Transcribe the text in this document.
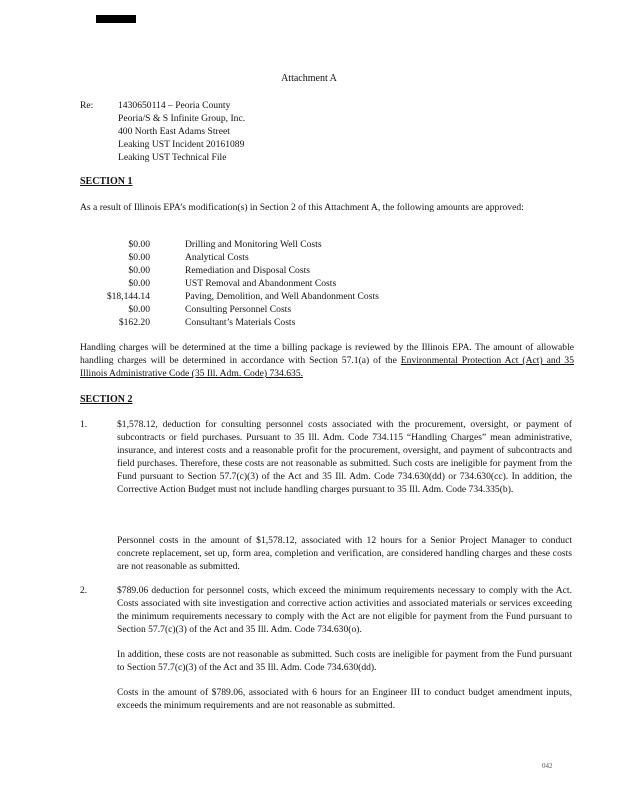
Attachment A
Re:	1430650114 – Peoria County
Peoria/S & S Infinite Group, Inc.
400 North East Adams Street
Leaking UST Incident 20161089
Leaking UST Technical File
SECTION 1
As a result of Illinois EPA’s modification(s) in Section 2 of this Attachment A, the following amounts are approved:
$0.00	Drilling and Monitoring Well Costs
$0.00	Analytical Costs
$0.00	Remediation and Disposal Costs
$0.00	UST Removal and Abandonment Costs
$18,144.14	Paving, Demolition, and Well Abandonment Costs
$0.00	Consulting Personnel Costs
$162.20	Consultant’s Materials Costs
Handling charges will be determined at the time a billing package is reviewed by the Illinois EPA. The amount of allowable handling charges will be determined in accordance with Section 57.1(a) of the Environmental Protection Act (Act) and 35 Illinois Administrative Code (35 Ill. Adm. Code) 734.635.
SECTION 2
1.	$1,578.12, deduction for consulting personnel costs associated with the procurement, oversight, or payment of subcontracts or field purchases. Pursuant to 35 Ill. Adm. Code 734.115 “Handling Charges” mean administrative, insurance, and interest costs and a reasonable profit for the procurement, oversight, and payment of subcontracts and field purchases. Therefore, these costs are not reasonable as submitted. Such costs are ineligible for payment from the Fund pursuant to Section 57.7(c)(3) of the Act and 35 Ill. Adm. Code 734.630(dd) or 734.630(cc). In addition, the Corrective Action Budget must not include handling charges pursuant to 35 Ill. Adm. Code 734.335(b).
Personnel costs in the amount of $1,578.12, associated with 12 hours for a Senior Project Manager to conduct concrete replacement, set up, form area, completion and verification, are considered handling charges and these costs are not reasonable as submitted.
2.	$789.06 deduction for personnel costs, which exceed the minimum requirements necessary to comply with the Act. Costs associated with site investigation and corrective action activities and associated materials or services exceeding the minimum requirements necessary to comply with the Act are not eligible for payment from the Fund pursuant to Section 57.7(c)(3) of the Act and 35 Ill. Adm. Code 734.630(o).
In addition, these costs are not reasonable as submitted. Such costs are ineligible for payment from the Fund pursuant to Section 57.7(c)(3) of the Act and 35 Ill. Adm. Code 734.630(dd).
Costs in the amount of $789.06, associated with 6 hours for an Engineer III to conduct budget amendment inputs, exceeds the minimum requirements and are not reasonable as submitted.
042
